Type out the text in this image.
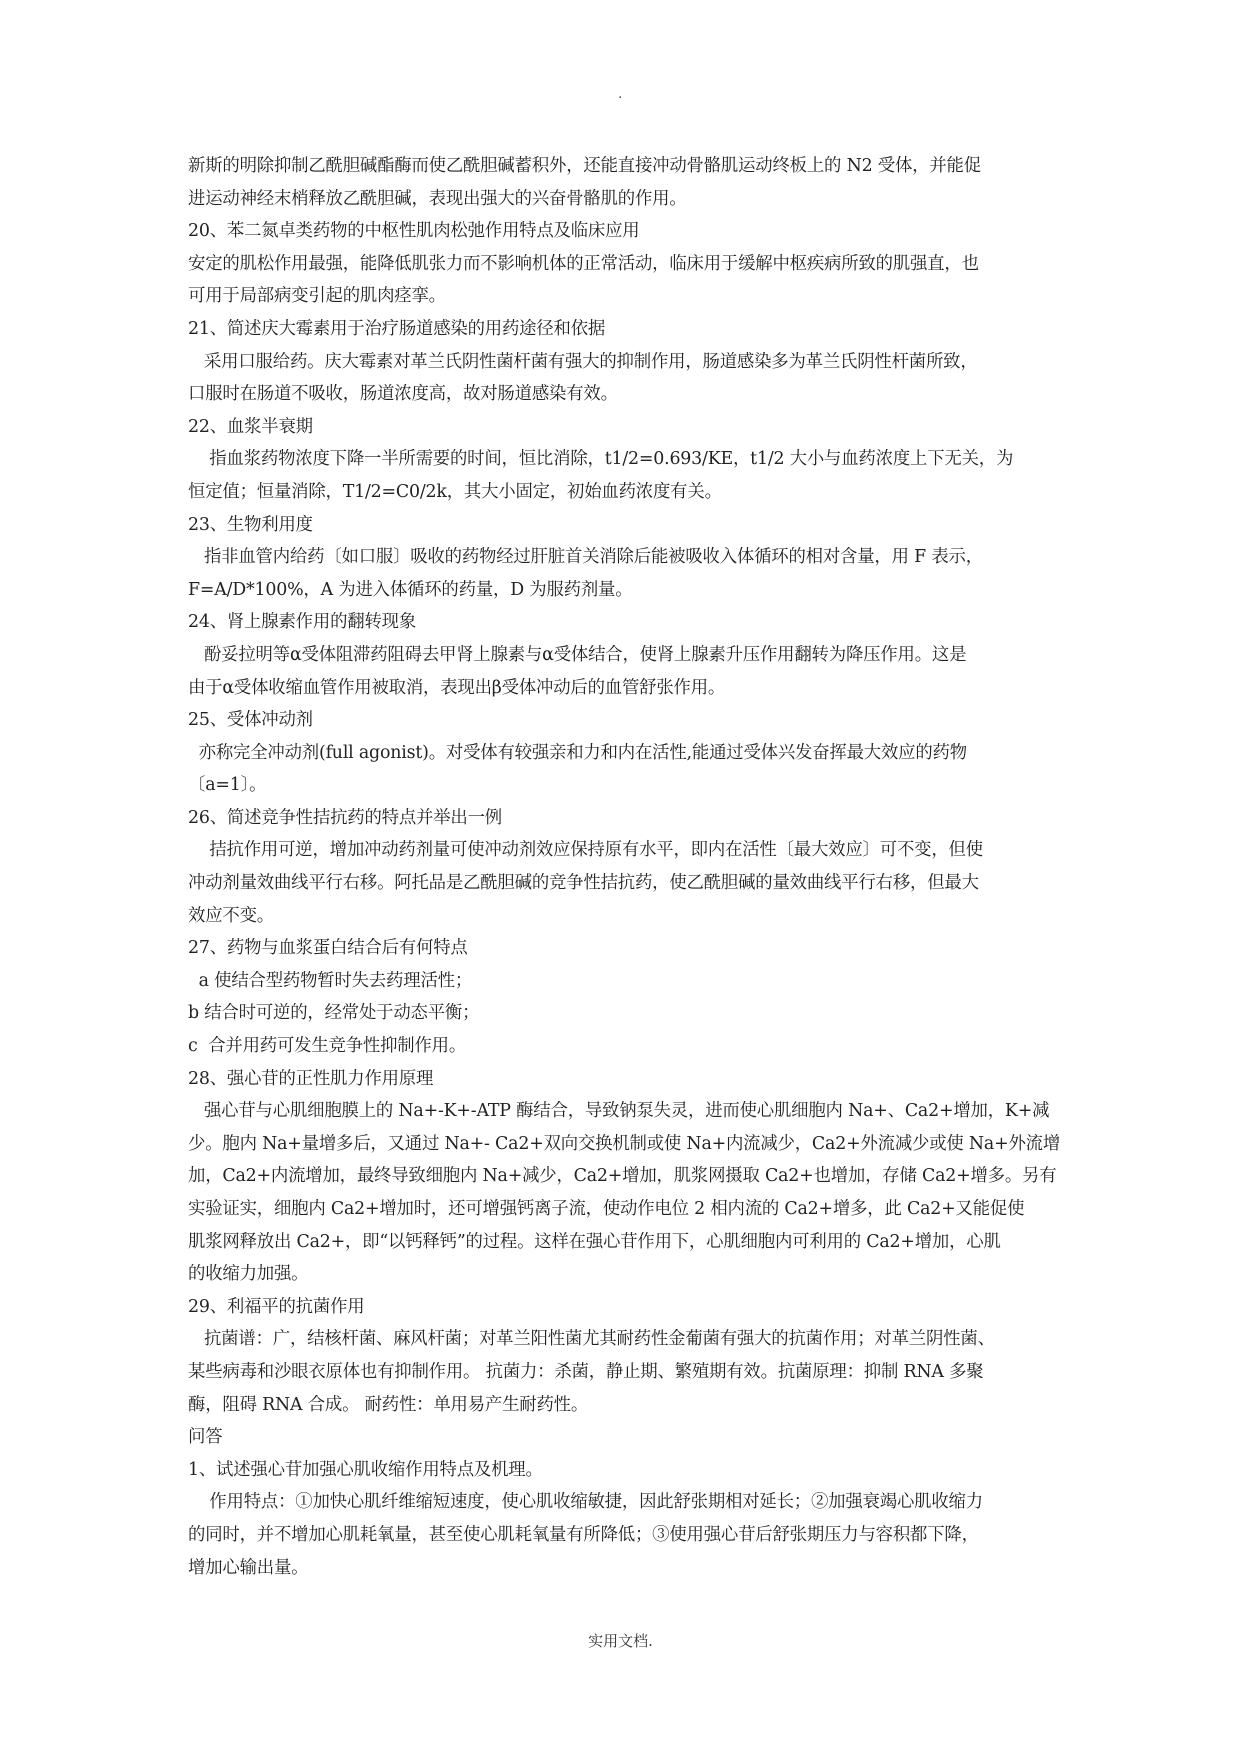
.
新斯的明除抑制乙酰胆碱酯酶而使乙酰胆碱蓄积外，还能直接冲动骨骼肌运动终板上的 N2 受体，并能促
进运动神经末梢释放乙酰胆碱，表现出强大的兴奋骨骼肌的作用。
20、苯二氮卓类药物的中枢性肌肉松弛作用特点及临床应用
安定的肌松作用最强，能降低肌张力而不影响机体的正常活动，临床用于缓解中枢疾病所致的肌强直，也
可用于局部病变引起的肌肉痉挛。
21、简述庆大霉素用于治疗肠道感染的用药途径和依据
采用口服给药。庆大霉素对革兰氏阴性菌杆菌有强大的抑制作用，肠道感染多为革兰氏阴性杆菌所致，
口服时在肠道不吸收，肠道浓度高，故对肠道感染有效。
22、血浆半衰期
指血浆药物浓度下降一半所需要的时间，恒比消除，t1/2=0.693/KE，t1/2 大小与血药浓度上下无关，为
恒定值；恒量消除，T1/2=C0/2k，其大小固定，初始血药浓度有关。
23、生物利用度
指非血管内给药〔如口服〕吸收的药物经过肝脏首关消除后能被吸收入体循环的相对含量，用 F 表示，
F=A/D*100%，A 为进入体循环的药量，D 为服药剂量。
24、肾上腺素作用的翻转现象
酚妥拉明等α受体阻滞药阻碍去甲肾上腺素与α受体结合，使肾上腺素升压作用翻转为降压作用。这是
由于α受体收缩血管作用被取消，表现出β受体冲动后的血管舒张作用。
25、受体冲动剂
亦称完全冲动剂(full agonist)。对受体有较强亲和力和内在活性,能通过受体兴发奋挥最大效应的药物
〔a=1〕。
26、简述竞争性拮抗药的特点并举出一例
拮抗作用可逆，增加冲动药剂量可使冲动剂效应保持原有水平，即内在活性〔最大效应〕可不变，但使
冲动剂量效曲线平行右移。阿托品是乙酰胆碱的竞争性拮抗药，使乙酰胆碱的量效曲线平行右移，但最大
效应不变。
27、药物与血浆蛋白结合后有何特点
a 使结合型药物暂时失去药理活性；
b 结合时可逆的，经常处于动态平衡；
c  合并用药可发生竞争性抑制作用。
28、强心苷的正性肌力作用原理
强心苷与心肌细胞膜上的 Na+-K+-ATP 酶结合，导致钠泵失灵，进而使心肌细胞内 Na+、Ca2+增加，K+减
少。胞内 Na+量增多后，又通过 Na+- Ca2+双向交换机制或使 Na+内流减少，Ca2+外流减少或使 Na+外流增
加，Ca2+内流增加，最终导致细胞内 Na+减少，Ca2+增加，肌浆网摄取 Ca2+也增加，存储 Ca2+增多。另有
实验证实，细胞内 Ca2+增加时，还可增强钙离子流，使动作电位 2 相内流的 Ca2+增多，此 Ca2+又能促使
肌浆网释放出 Ca2+，即“以钙释钙”的过程。这样在强心苷作用下，心肌细胞内可利用的 Ca2+增加，心肌
的收缩力加强。
29、利福平的抗菌作用
抗菌谱：广，结核杆菌、麻风杆菌；对革兰阳性菌尤其耐药性金葡菌有强大的抗菌作用；对革兰阴性菌、
某些病毒和沙眼衣原体也有抑制作用。 抗菌力：杀菌，静止期、繁殖期有效。抗菌原理：抑制 RNA 多聚
酶，阻碍 RNA 合成。 耐药性：单用易产生耐药性。
问答
1、试述强心苷加强心肌收缩作用特点及机理。
作用特点：①加快心肌纤维缩短速度，使心肌收缩敏捷，因此舒张期相对延长；②加强衰竭心肌收缩力
的同时，并不增加心肌耗氧量，甚至使心肌耗氧量有所降低；③使用强心苷后舒张期压力与容积都下降，
增加心输出量。
实用文档.
